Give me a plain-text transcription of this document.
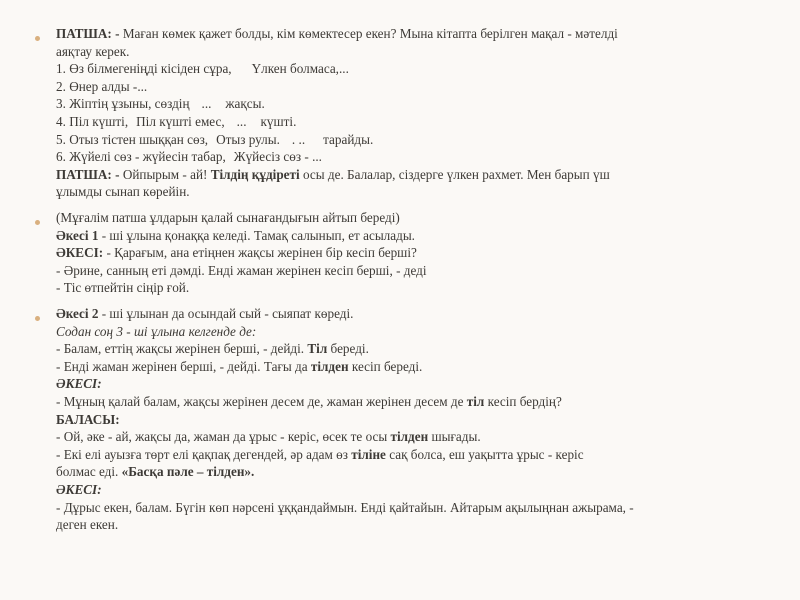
ПАТША: - Маған көмек қажет болды, кім көмектесер екен? Мына кітапта берілген мақал - мәтелді
аяқтау керек.
1. Өз білмегеніңді кісіден сұра, Үлкен болмаса,...
2. Өнер алды -...
3. Жіптің ұзыны, сөздің ... жақсы.
4. Піл күшті, Піл күшті емес, ... күшті.
5. Отыз тістен шыққан сөз, Отыз рулы. . .. тарайды.
6. Жүйелі сөз - жүйесін табар, Жүйесіз сөз - ...
ПАТША: - Ойпырым - ай! Тілдің құдіреті осы де. Балалар, сіздерге үлкен рахмет. Мен барып үш
ұлымды сынап көрейін.
(Мұғалім патша ұлдарын қалай сынағандығын айтып береді)
Әкесі 1 - ші ұлына қонаққа келеді. Тамақ салынып, ет асылады.
ӘКЕСІ: - Қарағым, ана етіңнен жақсы жерінен бір кесіп берші?
- Әрине, санның еті дәмді. Енді жаман жерінен кесіп берші, - деді
- Тіс өтпейтін сіңір ғой.
Әкесі 2 - ші ұлынан да осындай сый - сыяпат көреді.
Содан соң 3 - ші ұлына келгенде де:
- Балам, еттің жақсы жерінен берші, - дейді. Тіл береді.
- Енді жаман жерінен берші, - дейді. Тағы да тілден кесіп береді.
ӘКЕСІ:
- Мұның қалай балам, жақсы жерінен десем де, жаман жерінен десем де тіл кесіп бердің?
БАЛАСЫ:
- Ой, әке - ай, жақсы да, жаман да ұрыс - керіс, өсек те осы тілден шығады.
- Екі елі ауызға төрт елі қақпақ дегендей, әр адам өз тіліне сақ болса, еш уақытта ұрыс - керіс
болмас еді. «Басқа пәле – тілден».
ӘКЕСІ:
- Дұрыс екен, балам. Бүгін көп нәрсені ұққандаймын. Енді қайтайын. Айтарым ақылыңнан ажырама, -
деген екен.
